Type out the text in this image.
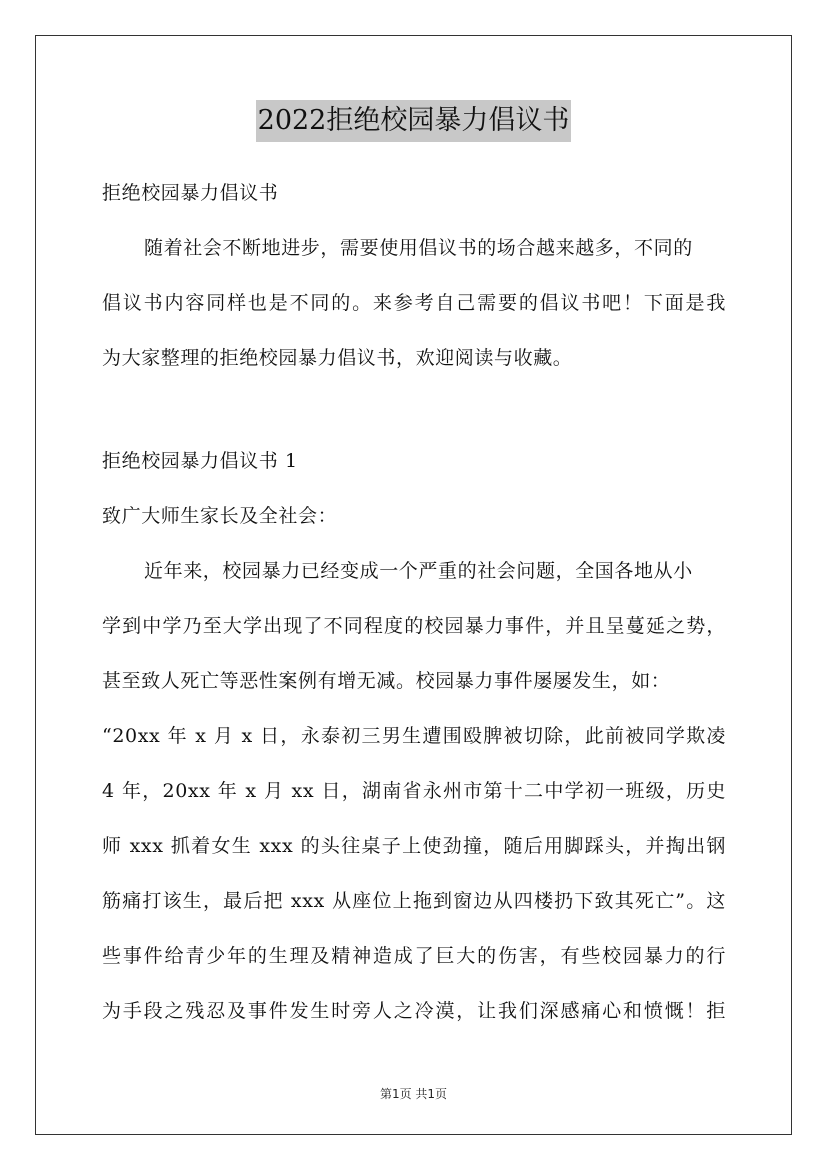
2022拒绝校园暴力倡议书
拒绝校园暴力倡议书
随着社会不断地进步，需要使用倡议书的场合越来越多，不同的
倡议书内容同样也是不同的。来参考自己需要的倡议书吧！下面是我
为大家整理的拒绝校园暴力倡议书，欢迎阅读与收藏。
拒绝校园暴力倡议书 1
致广大师生家长及全社会：
近年来，校园暴力已经变成一个严重的社会问题，全国各地从小
学到中学乃至大学出现了不同程度的校园暴力事件，并且呈蔓延之势，
甚至致人死亡等恶性案例有增无减。校园暴力事件屡屡发生，如：
“20xx 年 x 月 x 日，永泰初三男生遭围殴脾被切除，此前被同学欺凌
4 年，20xx 年 x 月 xx 日，湖南省永州市第十二中学初一班级，历史
师 xxx 抓着女生 xxx 的头往桌子上使劲撞，随后用脚踩头，并掏出钢
筋痛打该生，最后把 xxx 从座位上拖到窗边从四楼扔下致其死亡”。这
些事件给青少年的生理及精神造成了巨大的伤害，有些校园暴力的行
为手段之残忍及事件发生时旁人之冷漠，让我们深感痛心和愤慨！拒
第1页 共1页
